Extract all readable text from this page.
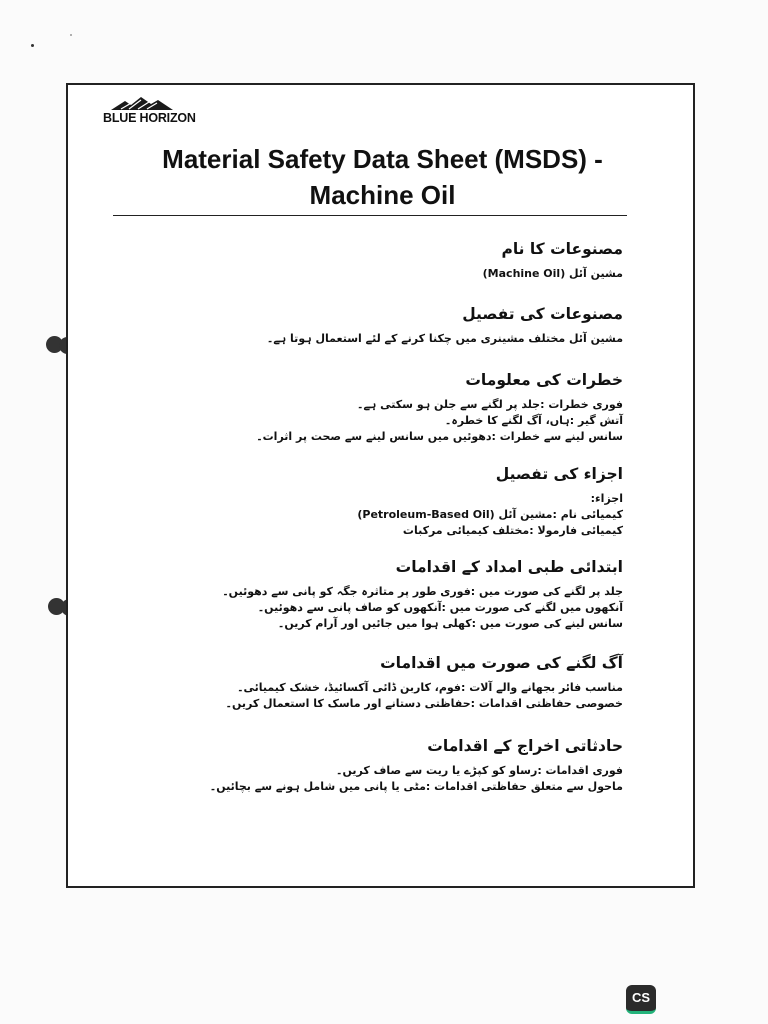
BLUE HORIZON
Material Safety Data Sheet (MSDS) -
Machine Oil
مصنوعات کا نام
(Machine Oil) مشین آئل
مصنوعات کی تفصیل
مشین آئل مختلف مشینری میں چکنا کرنے کے لئے استعمال ہوتا ہے۔
خطرات کی معلومات
فوری خطرات :جلد پر لگنے سے جلن ہو سکتی ہے۔
آتش گیر :ہاں، آگ لگنے کا خطرہ۔
سانس لینے سے خطرات :دھوئیں میں سانس لینے سے صحت پر اثرات۔
اجزاء کی تفصیل
اجزاء:
(Petroleum-Based Oil) کیمیائی نام :مشین آئل
کیمیائی فارمولا :مختلف کیمیائی مرکبات
ابتدائی طبی امداد کے اقدامات
جلد پر لگنے کی صورت میں :فوری طور پر متاثرہ جگہ کو پانی سے دھوئیں۔
آنکھوں میں لگنے کی صورت میں :آنکھوں کو صاف پانی سے دھوئیں۔
سانس لینے کی صورت میں :کھلی ہوا میں جائیں اور آرام کریں۔
آگ لگنے کی صورت میں اقدامات
مناسب فائر بجھانے والے آلات :فوم، کاربن ڈائی آکسائیڈ، خشک کیمیائی۔
خصوصی حفاظتی اقدامات :حفاظتی دستانے اور ماسک کا استعمال کریں۔
حادثاتی اخراج کے اقدامات
فوری اقدامات :رساو کو کپڑے یا ریت سے صاف کریں۔
ماحول سے متعلق حفاظتی اقدامات :مٹی یا پانی میں شامل ہونے سے بچائیں۔
CS
